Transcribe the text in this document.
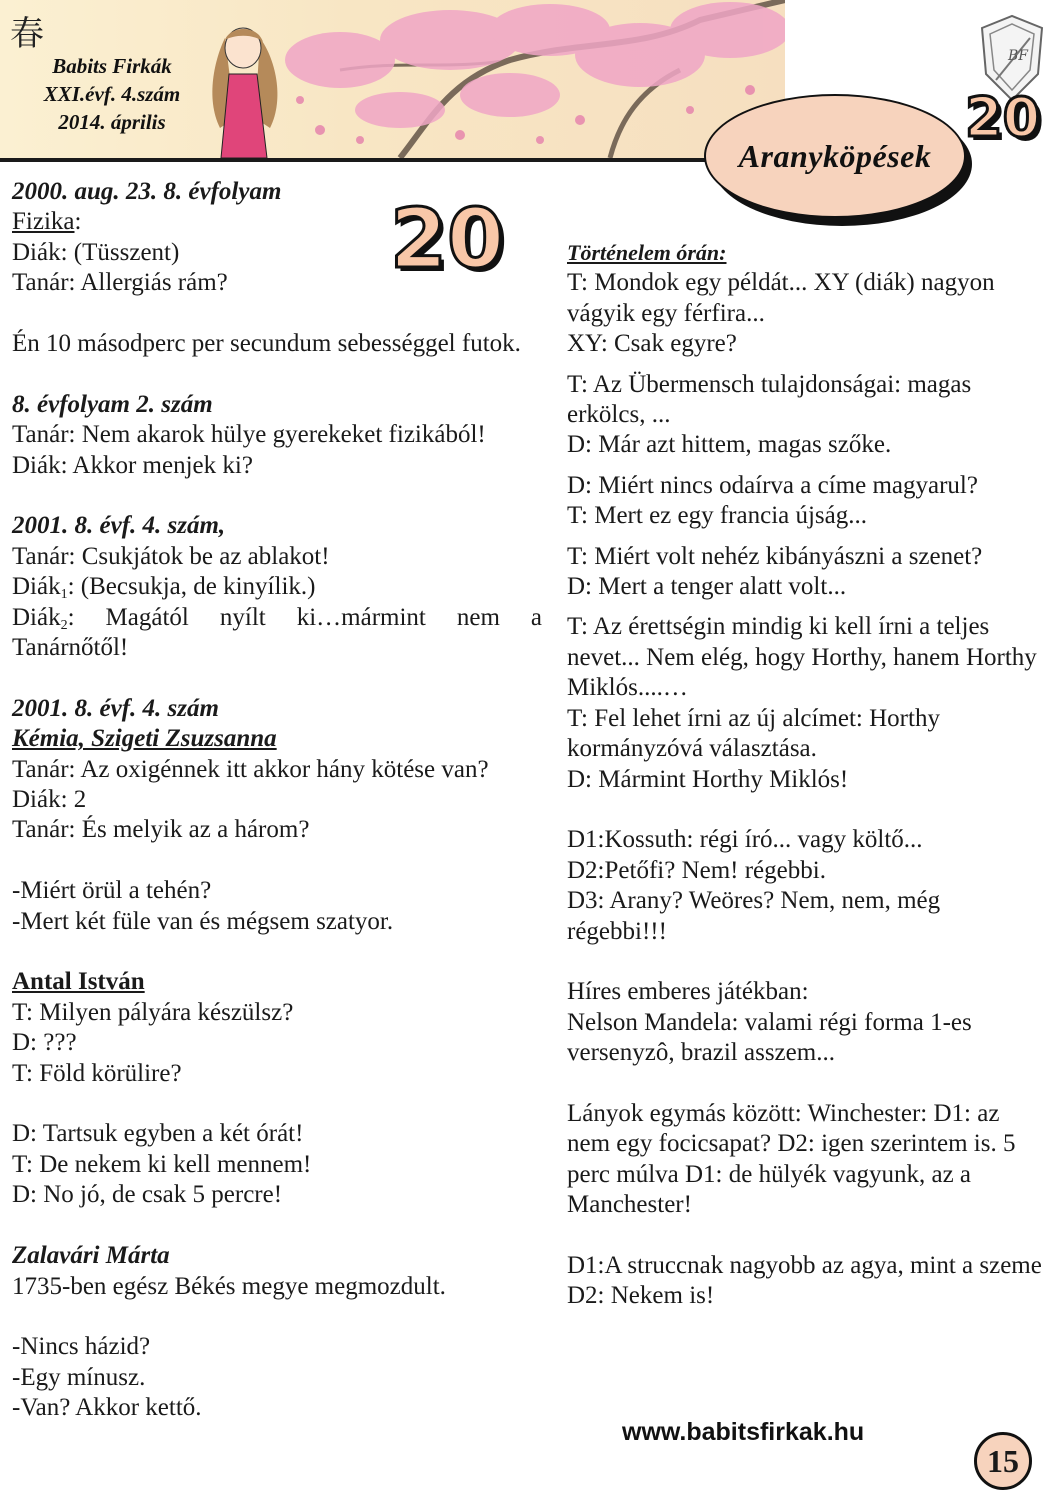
春
Babits Firkák
XXI.évf. 4.szám
2014. április
Aranyköpések
BF
20
20

2000. aug. 23. 8. évfolyam

Fizika:

Diák: (Tüsszent)

Tanár: Allergiás rám?

Én 10 másodperc per secundum sebességgel futok.

8. évfolyam 2. szám

Tanár: Nem akarok hülye gyerekeket fizikából!

Diák: Akkor menjek ki?

2001. 8. évf. 4. szám,

Tanár: Csukjátok be az ablakot!

Diák$_1$: (Becsukja, de kinyílik.)

Diák$_2$: Magától nyílt ki…mármint nem a

Tanárnőtől!

2001. 8. évf. 4. szám

Kémia, Szigeti Zsuzsanna

Tanár: Az oxigénnek itt akkor hány kötése van?

Diák: 2

Tanár: És melyik az a három?

-Miért örül a tehén?

-Mert két füle van és mégsem szatyor.

Antal István

T: Milyen pályára készülsz?

D: ???

T: Föld körülire?

D: Tartsuk egyben a két órát!

T: De nekem ki kell mennem!

D: No jó, de csak 5 percre!

Zalavári Márta

1735-ben egész Békés megye megmozdult.

-Nincs házid?

-Egy mínusz.

-Van? Akkor kettő.

Történelem órán:

T: Mondok egy példát... XY (diák) nagyon vágyik egy férfira...

XY: Csak egyre?

T: Az Übermensch tulajdonságai: magas erkölcs, ...

D: Már azt hittem, magas szőke.

D: Miért nincs odaírva a címe magyarul?

T: Mert ez egy francia újság...

T: Miért volt nehéz kibányászni a szenet?

D: Mert a tenger alatt volt...

T: Az érettségin mindig ki kell írni a teljes nevet... Nem elég, hogy Horthy, hanem Horthy Miklós....…

T: Fel lehet írni az új alcímet: Horthy kormányzóvá választása.

D: Mármint Horthy Miklós!

D1:Kossuth: régi író... vagy költő...

D2:Petőfi? Nem! régebbi.

D3: Arany? Weöres? Nem, nem, még régebbi!!!

Híres emberes játékban:

Nelson Mandela: valami régi forma 1-es versenyzô, brazil asszem...

Lányok egymás között: Winchester: D1: az nem egy focicsapat? D2: igen szerintem is. 5 perc múlva D1: de hülyék vagyunk, az a Manchester!

D1:A struccnak nagyobb az agya, mint a szeme

D2: Nekem is!

www.babitsfirkak.hu
15
